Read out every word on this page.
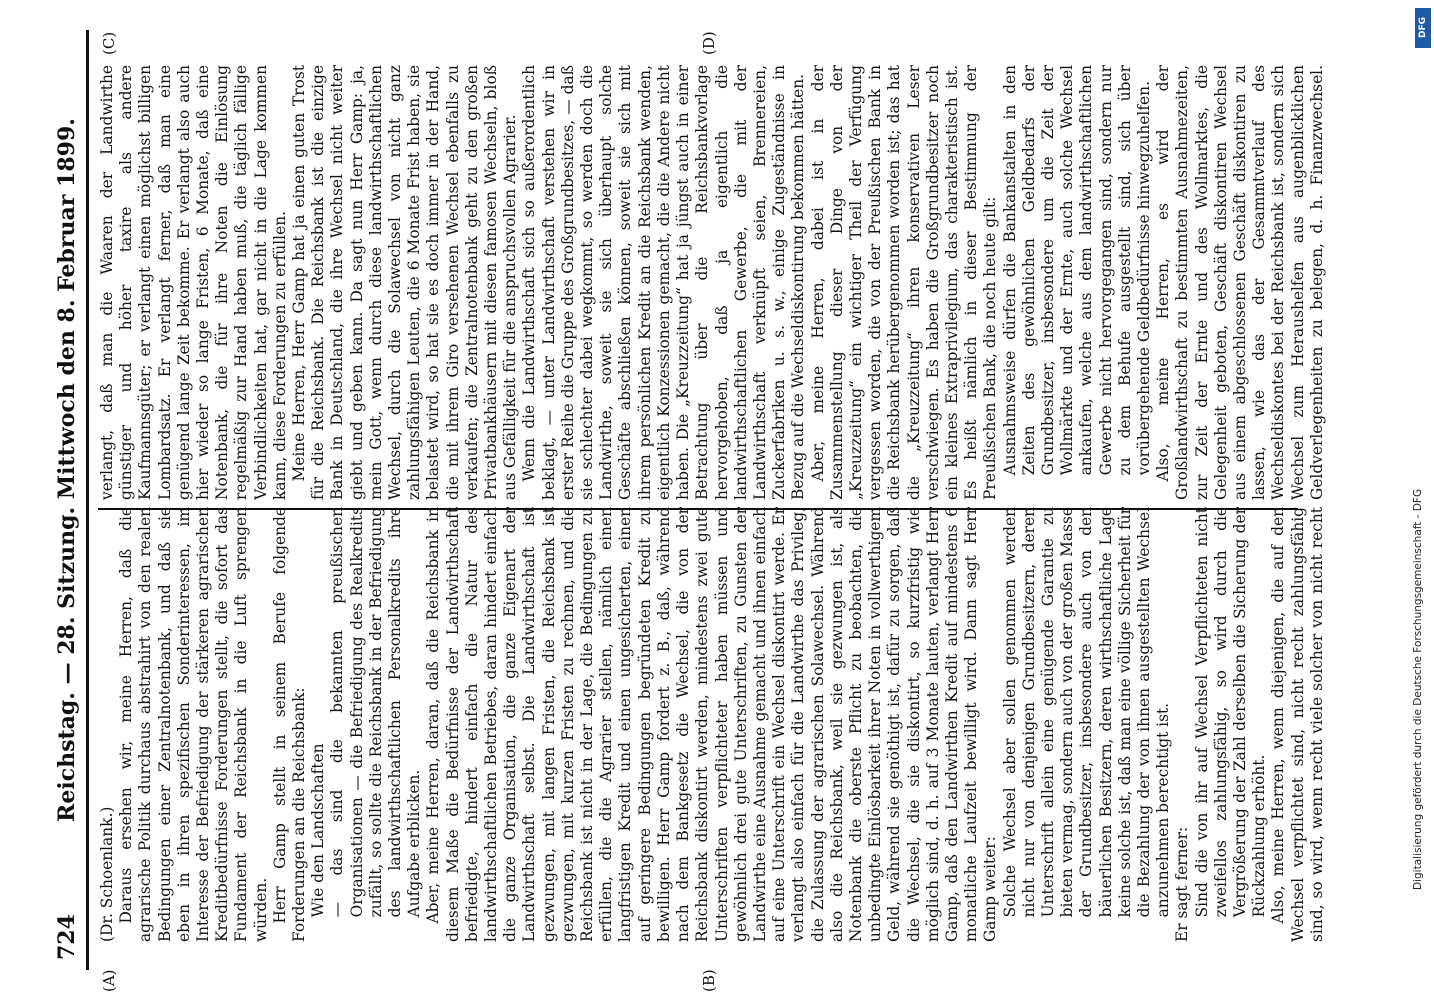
724
Reichstag. — 28. Sitzung. Mittwoch den 8. Februar 1899.
(A)	(B)
(C)	(D)

(Dr. Schoenlank.) Daraus ersehen wir, meine Herren, daß die agrarische Politik durchaus abstrahirt von den realen Bedingungen einer Zentralnotenbank, und daß sie eben in ihren spezifischen Sonderinteressen, im Interesse der Befriedigung der stärkeren agrarischen Kreditbedürfnisse Forderungen stellt, die sofort das Fundament der Reichsbank in die Luft sprengen würden. Herr Gamp stellt in seinem Berufe folgende Forderungen an die Reichsbank: Wie den Landschaften — das sind die bekannten preußischen Organisationen — die Befriedigung des Realkredits zufällt, so sollte die Reichsbank in der Befriedigung des landwirthschaftlichen Personalkredits ihre Aufgabe erblicken. Aber, meine Herren, daran, daß die Reichsbank in diesem Maße die Bedürfnisse der Landwirthschaft befriedigte, hindert einfach die Natur des landwirthschaftlichen Betriebes, daran hindert einfach die ganze Organisation, die ganze Eigenart der Landwirthschaft selbst. Die Landwirthschaft ist gezwungen, mit langen Fristen, die Reichsbank ist gezwungen, mit kurzen Fristen zu rechnen, und die Reichsbank ist nicht in der Lage, die Bedingungen zu erfüllen, die die Agrarier stellen, nämlich einen langfristigen Kredit und einen ungesicherten, einen auf geringere Bedingungen begründeten Kredit zu bewilligen. Herr Gamp fordert z. B., daß, während nach dem Bankgesetz die Wechsel, die von der Reichsbank diskontirt werden, mindestens zwei gute Unterschriften verpflichteter haben müssen und gewöhnlich drei gute Unterschriften, zu Gunsten der Landwirthe eine Ausnahme gemacht und ihnen einfach auf eine Unterschrift ein Wechsel diskontirt werde. Er verlangt also einfach für die Landwirthe das Privileg, die Zulassung der agrarischen Solawechsel. Während also die Reichsbank, weil sie gezwungen ist, als Notenbank die oberste Pflicht zu beobachten, die unbedingte Einlösbarkeit ihrer Noten in vollwerthigem Geld, während sie genöthigt ist, dafür zu sorgen, daß die Wechsel, die sie diskontirt, so kurzfristig wie möglich sind, d. h. auf 3 Monate lauten, verlangt Herr Gamp, daß den Landwirthen Kredit auf mindestens 6 monatliche Laufzeit bewilligt wird. Dann sagt Herr Gamp weiter: Solche Wechsel aber sollen genommen werden nicht nur von denjenigen Grundbesitzern, deren Unterschrift allein eine genügende Garantie zu bieten vermag, sondern auch von der großen Masse der Grundbesitzer, insbesondere auch von den bäuerlichen Besitzern, deren wirthschaftliche Lage keine solche ist, daß man eine völlige Sicherheit für die Bezahlung der von ihnen ausgestellten Wechsel anzunehmen berechtigt ist. Er sagt ferner: Sind die von ihr auf Wechsel Verpflichteten nicht zweifellos zahlungsfähig, so wird durch die Vergrößerung der Zahl derselben die Sicherung der Rückzahlung erhöht. Also, meine Herren, wenn diejenigen, die auf den Wechsel verpflichtet sind, nicht recht zahlungsfähig sind, so wird, wenn recht viele solcher von nicht recht

verlangt, daß man die Waaren der Landwirthe günstiger und höher taxire als andere Kaufmannsgüter; er verlangt einen möglichst billigen Lombardsatz. Er verlangt ferner, daß man eine genügend lange Zeit bekomme. Er verlangt also auch hier wieder so lange Fristen, 6 Monate, daß eine Notenbank, die für ihre Noten die Einlösung regelmäßig zur Hand haben muß, die täglich fällige Verbindlichkeiten hat, gar nicht in die Lage kommen kann, diese Forderungen zu erfüllen. Meine Herren, Herr Gamp hat ja einen guten Trost für die Reichsbank. Die Reichsbank ist die einzige Bank in Deutschland, die ihre Wechsel nicht weiter giebt und geben kann. Da sagt nun Herr Gamp: ja, mein Gott, wenn durch diese landwirthschaftlichen Wechsel, durch die Solawechsel von nicht ganz zahlungsfähigen Leuten, die 6 Monate Frist haben, sie belastet wird, so hat sie es doch immer in der Hand, die mit ihrem Giro versehenen Wechsel ebenfalls zu verkaufen; die Zentralnotenbank geht zu den großen Privatbankhäusern mit diesen famosen Wechseln, bloß aus Gefälligkeit für die anspruchsvollen Agrarier. Wenn die Landwirthschaft sich so außerordentlich beklagt, — unter Landwirthschaft verstehen wir in erster Reihe die Gruppe des Großgrundbesitzes, — daß sie schlechter dabei wegkommt, so werden doch die Landwirthe, soweit sie sich überhaupt solche Geschäfte abschließen können, soweit sie sich mit ihrem persönlichen Kredit an die Reichsbank wenden, eigentlich Konzessionen gemacht, die die Andere nicht haben. Die „Kreuzzeitung“ hat ja jüngst auch in einer Betrachtung über die Reichsbankvorlage hervorgehoben, daß ja eigentlich die landwirthschaftlichen Gewerbe, die mit der Landwirthschaft verknüpft seien, Brennereien, Zuckerfabriken u. s. w., einige Zugeständnisse in Bezug auf die Wechseldiskontirung bekommen hätten. Aber, meine Herren, dabei ist in der Zusammenstellung dieser Dinge von der „Kreuzzeitung“ ein wichtiger Theil der Verfügung vergessen worden, die von der Preußischen Bank in die Reichsbank herübergenommen worden ist; das hat die „Kreuzzeitung“ ihren konservativen Leser verschwiegen. Es haben die Großgrundbesitzer noch ein kleines Extraprivilegium, das charakteristisch ist. Es heißt nämlich in dieser Bestimmung der Preußischen Bank, die noch heute gilt: Ausnahmsweise dürfen die Bankanstalten in den Zeiten des gewöhnlichen Geldbedarfs der Grundbesitzer, insbesondere um die Zeit der Wollmärkte und der Ernte, auch solche Wechsel ankaufen, welche aus dem landwirthschaftlichen Gewerbe nicht hervorgegangen sind, sondern nur zu dem Behufe ausgestellt sind, sich über vorübergehende Geldbedürfnisse hinwegzuhelfen. Also, meine Herren, es wird der Großlandwirthschaft zu bestimmten Ausnahmezeiten, zur Zeit der Ernte und des Wollmarktes, die Gelegenheit geboten, Geschäft diskontiren Wechsel aus einem abgeschlossenen Geschäft diskontiren zu lassen, wie das der Gesammtverlauf des Wechseldiskontes bei der Reichsbank ist, sondern sich Wechsel zum Heraushelfen aus augenblicklichen Geldverlegenheiten zu belegen, d. h. Finanzwechsel.

DFG
Digitalisierung gefördert durch die Deutsche Forschungsgemeinschaft - DFG
